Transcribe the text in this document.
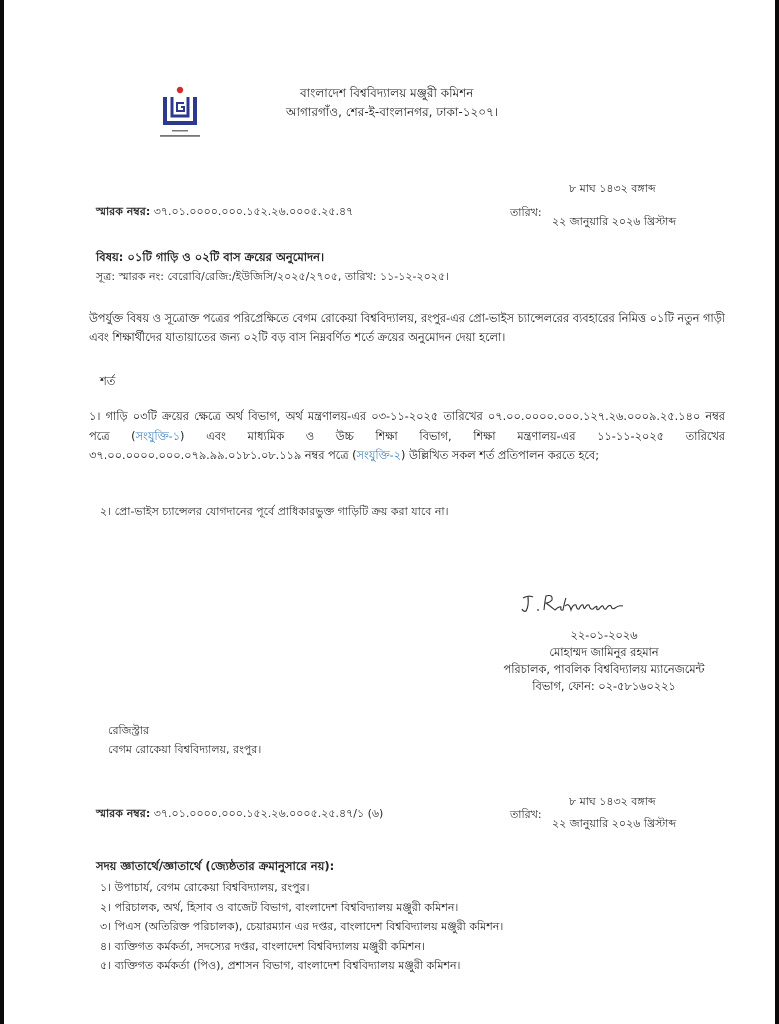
বাংলাদেশ বিশ্ববিদ্যালয় মঞ্জুরী কমিশন
আগারগাঁও, শের-ই-বাংলানগর, ঢাকা-১২০৭।
স্মারক নম্বর: ৩৭.০১.০০০০.০০০.১৫২.২৬.০০০৫.২৫.৪৭	তারিখ:
৮ মাঘ ১৪৩২ বঙ্গাব্দ
২২ জানুয়ারি ২০২৬ খ্রিস্টাব্দ
বিষয়: ০১টি গাড়ি ও ০২টি বাস ক্রয়ের অনুমোদন।
সূত্র: স্মারক নং: বেরোবি/রেজি:/ইউজিসি/২০২৫/২৭০৫, তারিখ: ১১-১২-২০২৫।
উপর্যুক্ত বিষয় ও সূত্রোক্ত পত্রের পরিপ্রেক্ষিতে বেগম রোকেয়া বিশ্ববিদ্যালয়, রংপুর-এর প্রো-ভাইস চ্যান্সেলরের ব্যবহারের নিমিত্ত ০১টি নতুন গাড়ী এবং শিক্ষার্থীদের যাতায়াতের জন্য ০২টি বড় বাস নিম্নবর্ণিত শর্তে ক্রয়ের অনুমোদন দেয়া হলো।
শর্ত
১। গাড়ি ০৩টি ক্রয়ের ক্ষেত্রে অর্থ বিভাগ, অর্থ মন্ত্রণালয়-এর ০৩-১১-২০২৫ তারিখের ০৭.০০.০০০০.০০০.১২৭.২৬.০০০৯.২৫.১৪০ নম্বর পত্রে (সংযুক্তি-১) এবং মাধ্যমিক ও উচ্চ শিক্ষা বিভাগ, শিক্ষা মন্ত্রণালয়-এর ১১-১১-২০২৫ তারিখের ৩৭.০০.০০০০.০০০.০৭৯.৯৯.০১৮১.০৮.১১৯ নম্বর পত্রে (সংযুক্তি-২) উল্লিখিত সকল শর্ত প্রতিপালন করতে হবে;
২। প্রো-ভাইস চ্যান্সেলর যোগদানের পূর্বে প্রাধিকারভুক্ত গাড়িটি ক্রয় করা যাবে না।
২২-০১-২০২৬
মোহাম্মদ জামিনুর রহমান
পরিচালক, পাবলিক বিশ্ববিদ্যালয় ম্যানেজমেন্ট
বিভাগ, ফোন: ০২-৫৮১৬০২২১
রেজিস্ট্রার
বেগম রোকেয়া বিশ্ববিদ্যালয়, রংপুর।
স্মারক নম্বর: ৩৭.০১.০০০০.০০০.১৫২.২৬.০০০৫.২৫.৪৭/১ (৬)	তারিখ:
৮ মাঘ ১৪৩২ বঙ্গাব্দ
২২ জানুয়ারি ২০২৬ খ্রিস্টাব্দ
সদয় জ্ঞাতার্থে/জ্ঞাতার্থে (জ্যেষ্ঠতার ক্রমানুসারে নয়):
১। উপাচার্য, বেগম রোকেয়া বিশ্ববিদ্যালয়, রংপুর।
২। পরিচালক, অর্থ, হিসাব ও বাজেট বিভাগ, বাংলাদেশ বিশ্ববিদ্যালয় মঞ্জুরী কমিশন।
৩। পিএস (অতিরিক্ত পরিচালক), চেয়ারম্যান এর দপ্তর, বাংলাদেশ বিশ্ববিদ্যালয় মঞ্জুরী কমিশন।
৪। ব্যক্তিগত কর্মকর্তা, সদস্যের দপ্তর, বাংলাদেশ বিশ্ববিদ্যালয় মঞ্জুরী কমিশন।
৫। ব্যক্তিগত কর্মকর্তা (পিও), প্রশাসন বিভাগ, বাংলাদেশ বিশ্ববিদ্যালয় মঞ্জুরী কমিশন।
